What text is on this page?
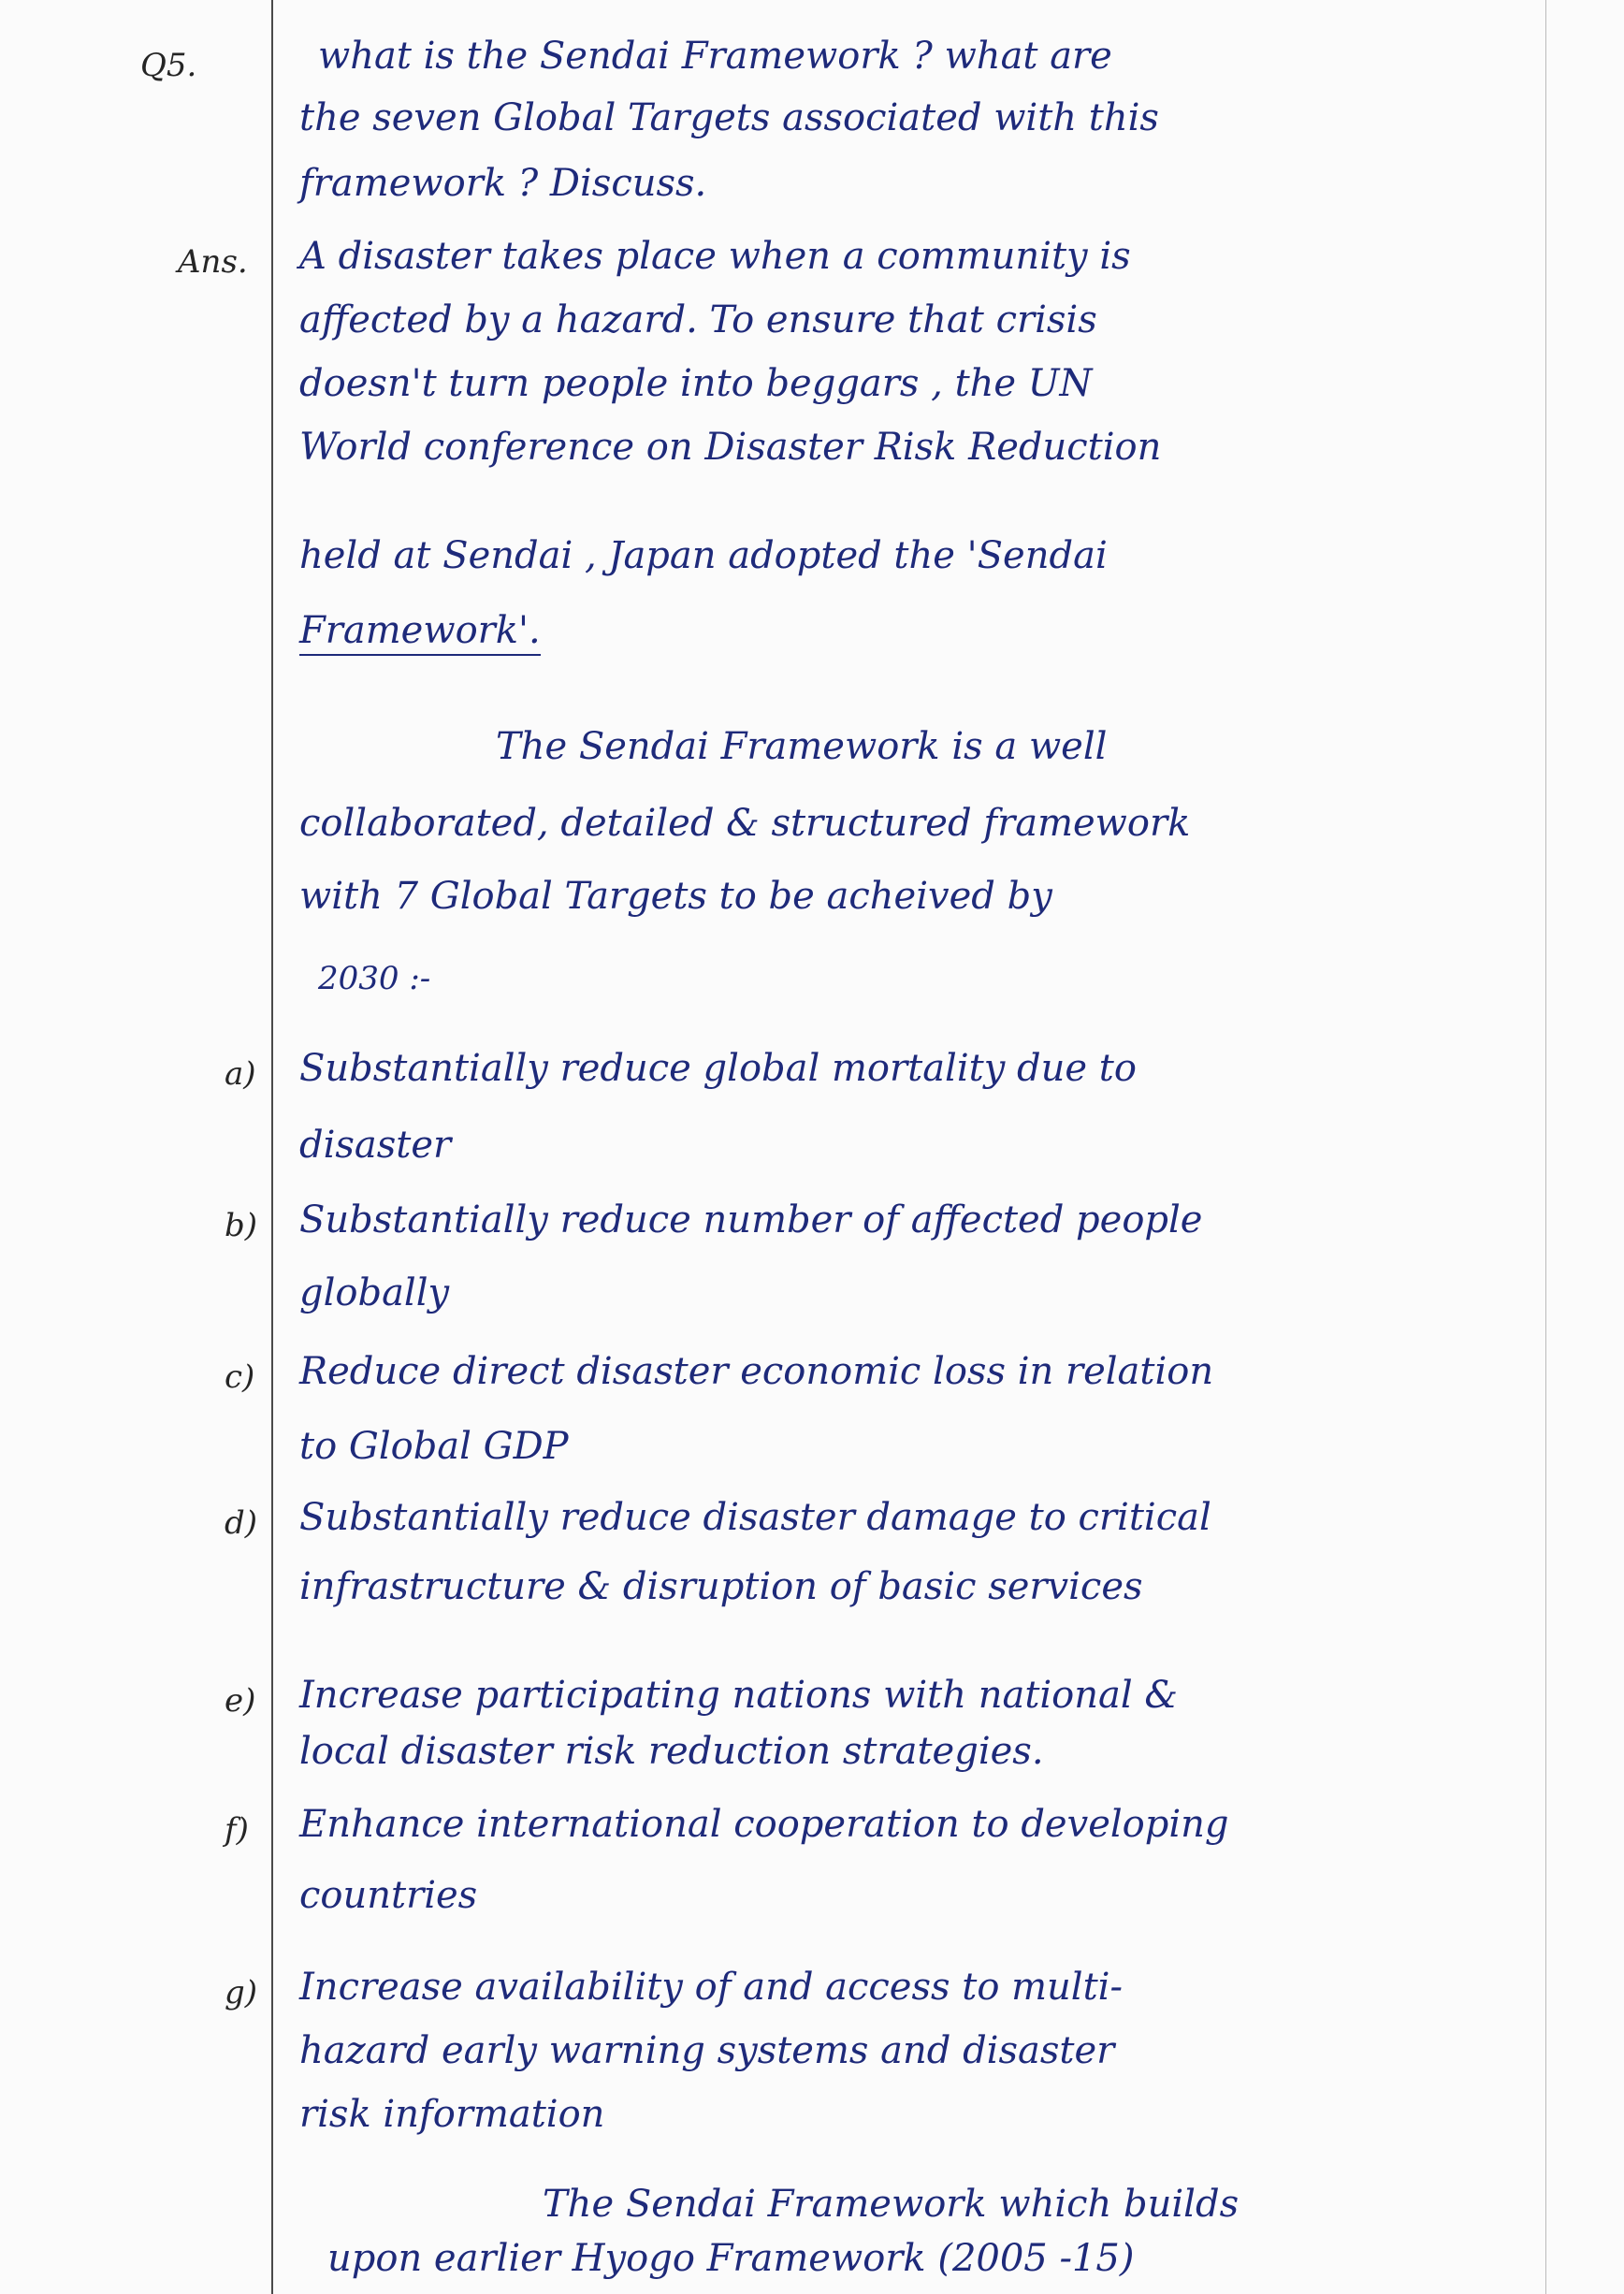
Q5.	what is the Sendai Framework ? what are
the seven Global Targets associated with this
framework ? Discuss.
Ans. A disaster takes place when a community is
affected by a hazard. To ensure that crisis
doesn't turn people into beggars , the UN
World conference on Disaster Risk Reduction
held at Sendai , Japan adopted the 'Sendai
Framework'.
The Sendai Framework is a well
collaborated, detailed & structured framework
with 7 Global Targets to be acheived by
2030 :-
a) Substantially reduce global mortality due to
disaster
b) Substantially reduce number of affected people
globally
c) Reduce direct disaster economic loss in relation
to Global GDP
d) Substantially reduce disaster damage to critical
infrastructure & disruption of basic services
e) Increase participating nations with national &
local disaster risk reduction strategies.
f) Enhance international cooperation to developing
countries
g) Increase availability of and access to multi-
hazard early warning systems and disaster
risk information
The Sendai Framework which builds
upon earlier Hyogo Framework (2005 -15)
